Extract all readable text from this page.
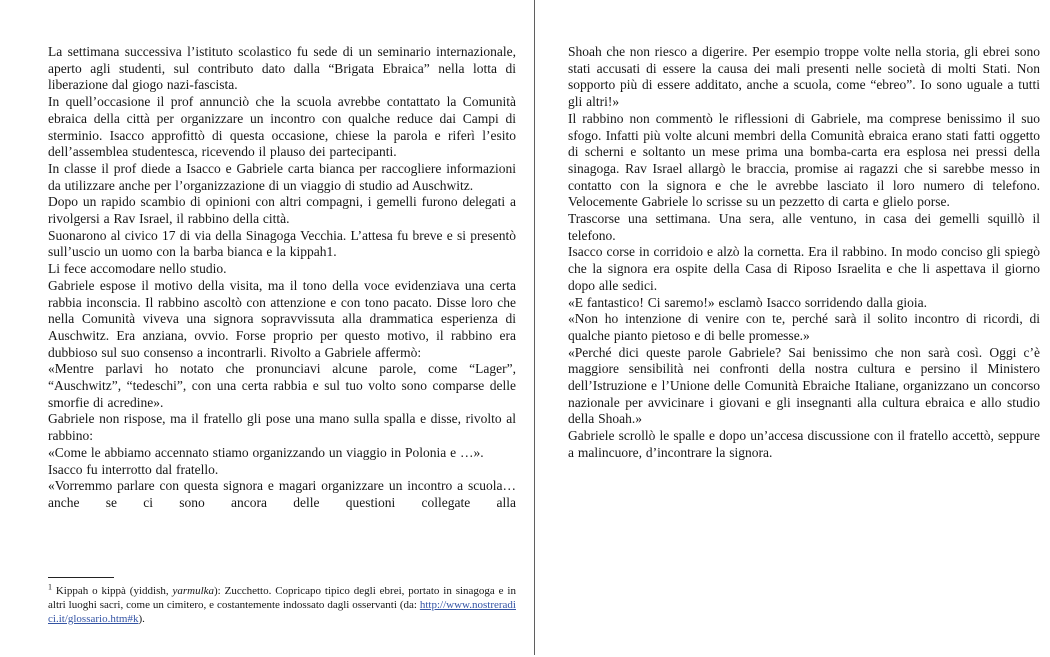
La settimana successiva l’istituto scolastico fu sede di un seminario internazionale, aperto agli studenti, sul contributo dato dalla “Brigata Ebraica” nella lotta di liberazione dal giogo nazi-fascista.

In quell’occasione il prof annunciò che la scuola avrebbe contattato la Comunità ebraica della città per organizzare un incontro con qualche reduce dai Campi di sterminio. Isacco approfittò di questa occasione, chiese la parola e riferì l’esito dell’assemblea studentesca, ricevendo il plauso dei partecipanti.

In classe il prof diede a Isacco e Gabriele carta bianca per raccogliere informazioni da utilizzare anche per l’organizzazione di un viaggio di studio ad Auschwitz.

Dopo un rapido scambio di opinioni con altri compagni, i gemelli furono delegati a rivolgersi a Rav Israel, il rabbino della città.

Suonarono al civico 17 di via della Sinagoga Vecchia. L’attesa fu breve e si presentò sull’uscio un uomo con la barba bianca e la kippah1.

Li fece accomodare nello studio.

Gabriele espose il motivo della visita, ma il tono della voce evidenziava una certa rabbia inconscia. Il rabbino ascoltò con attenzione e con tono pacato. Disse loro che nella Comunità viveva una signora sopravvissuta alla drammatica esperienza di Auschwitz. Era anziana, ovvio. Forse proprio per questo motivo, il rabbino era dubbioso sul suo consenso a incontrarli. Rivolto a Gabriele affermò:

«Mentre parlavi ho notato che pronunciavi alcune parole, come “Lager”, “Auschwitz”, “tedeschi”, con una certa rabbia e sul tuo volto sono comparse delle smorfie di acredine».

Gabriele non rispose, ma il fratello gli pose una mano sulla spalla e disse, rivolto al rabbino:

«Come le abbiamo accennato stiamo organizzando un viaggio in Polonia e …».

Isacco fu interrotto dal fratello.

«Vorremmo parlare con questa signora e magari organizzare un incontro a scuola…anche se ci sono ancora delle questioni collegate alla

$^1$ Kippah o kippà (yiddish, yarmulka): Zucchetto. Copricapo tipico degli ebrei, portato in sinagoga e in altri luoghi sacri, come un cimitero, e costantemente indossato dagli osservanti (da: http://www.nostreradici.it/glossario.htm#k).

Shoah che non riesco a digerire. Per esempio troppe volte nella storia, gli ebrei sono stati accusati di essere la causa dei mali presenti nelle società di molti Stati. Non sopporto più di essere additato, anche a scuola, come “ebreo”. Io sono uguale a tutti gli altri!»

Il rabbino non commentò le riflessioni di Gabriele, ma comprese benissimo il suo sfogo. Infatti più volte alcuni membri della Comunità ebraica erano stati fatti oggetto di scherni e soltanto un mese prima una bomba-carta era esplosa nei pressi della sinagoga. Rav Israel allargò le braccia, promise ai ragazzi che si sarebbe messo in contatto con la signora e che le avrebbe lasciato il loro numero di telefono. Velocemente Gabriele lo scrisse su un pezzetto di carta e glielo porse.

Trascorse una settimana. Una sera, alle ventuno, in casa dei gemelli squillò il telefono.

Isacco corse in corridoio e alzò la cornetta. Era il rabbino. In modo conciso gli spiegò che la signora era ospite della Casa di Riposo Israelita e che li aspettava il giorno dopo alle sedici.

«E fantastico! Ci saremo!» esclamò Isacco sorridendo dalla gioia.

«Non ho intenzione di venire con te, perché sarà il solito incontro di ricordi, di qualche pianto pietoso e di belle promesse.»

«Perché dici queste parole Gabriele? Sai benissimo che non sarà così. Oggi c’è maggiore sensibilità nei confronti della nostra cultura e persino il Ministero dell’Istruzione e l’Unione delle Comunità Ebraiche Italiane, organizzano un concorso nazionale per avvicinare i giovani e gli insegnanti alla cultura ebraica e allo studio della Shoah.»

Gabriele scrollò le spalle e dopo un’accesa discussione con il fratello accettò, seppure a malincuore, d’incontrare la signora.
